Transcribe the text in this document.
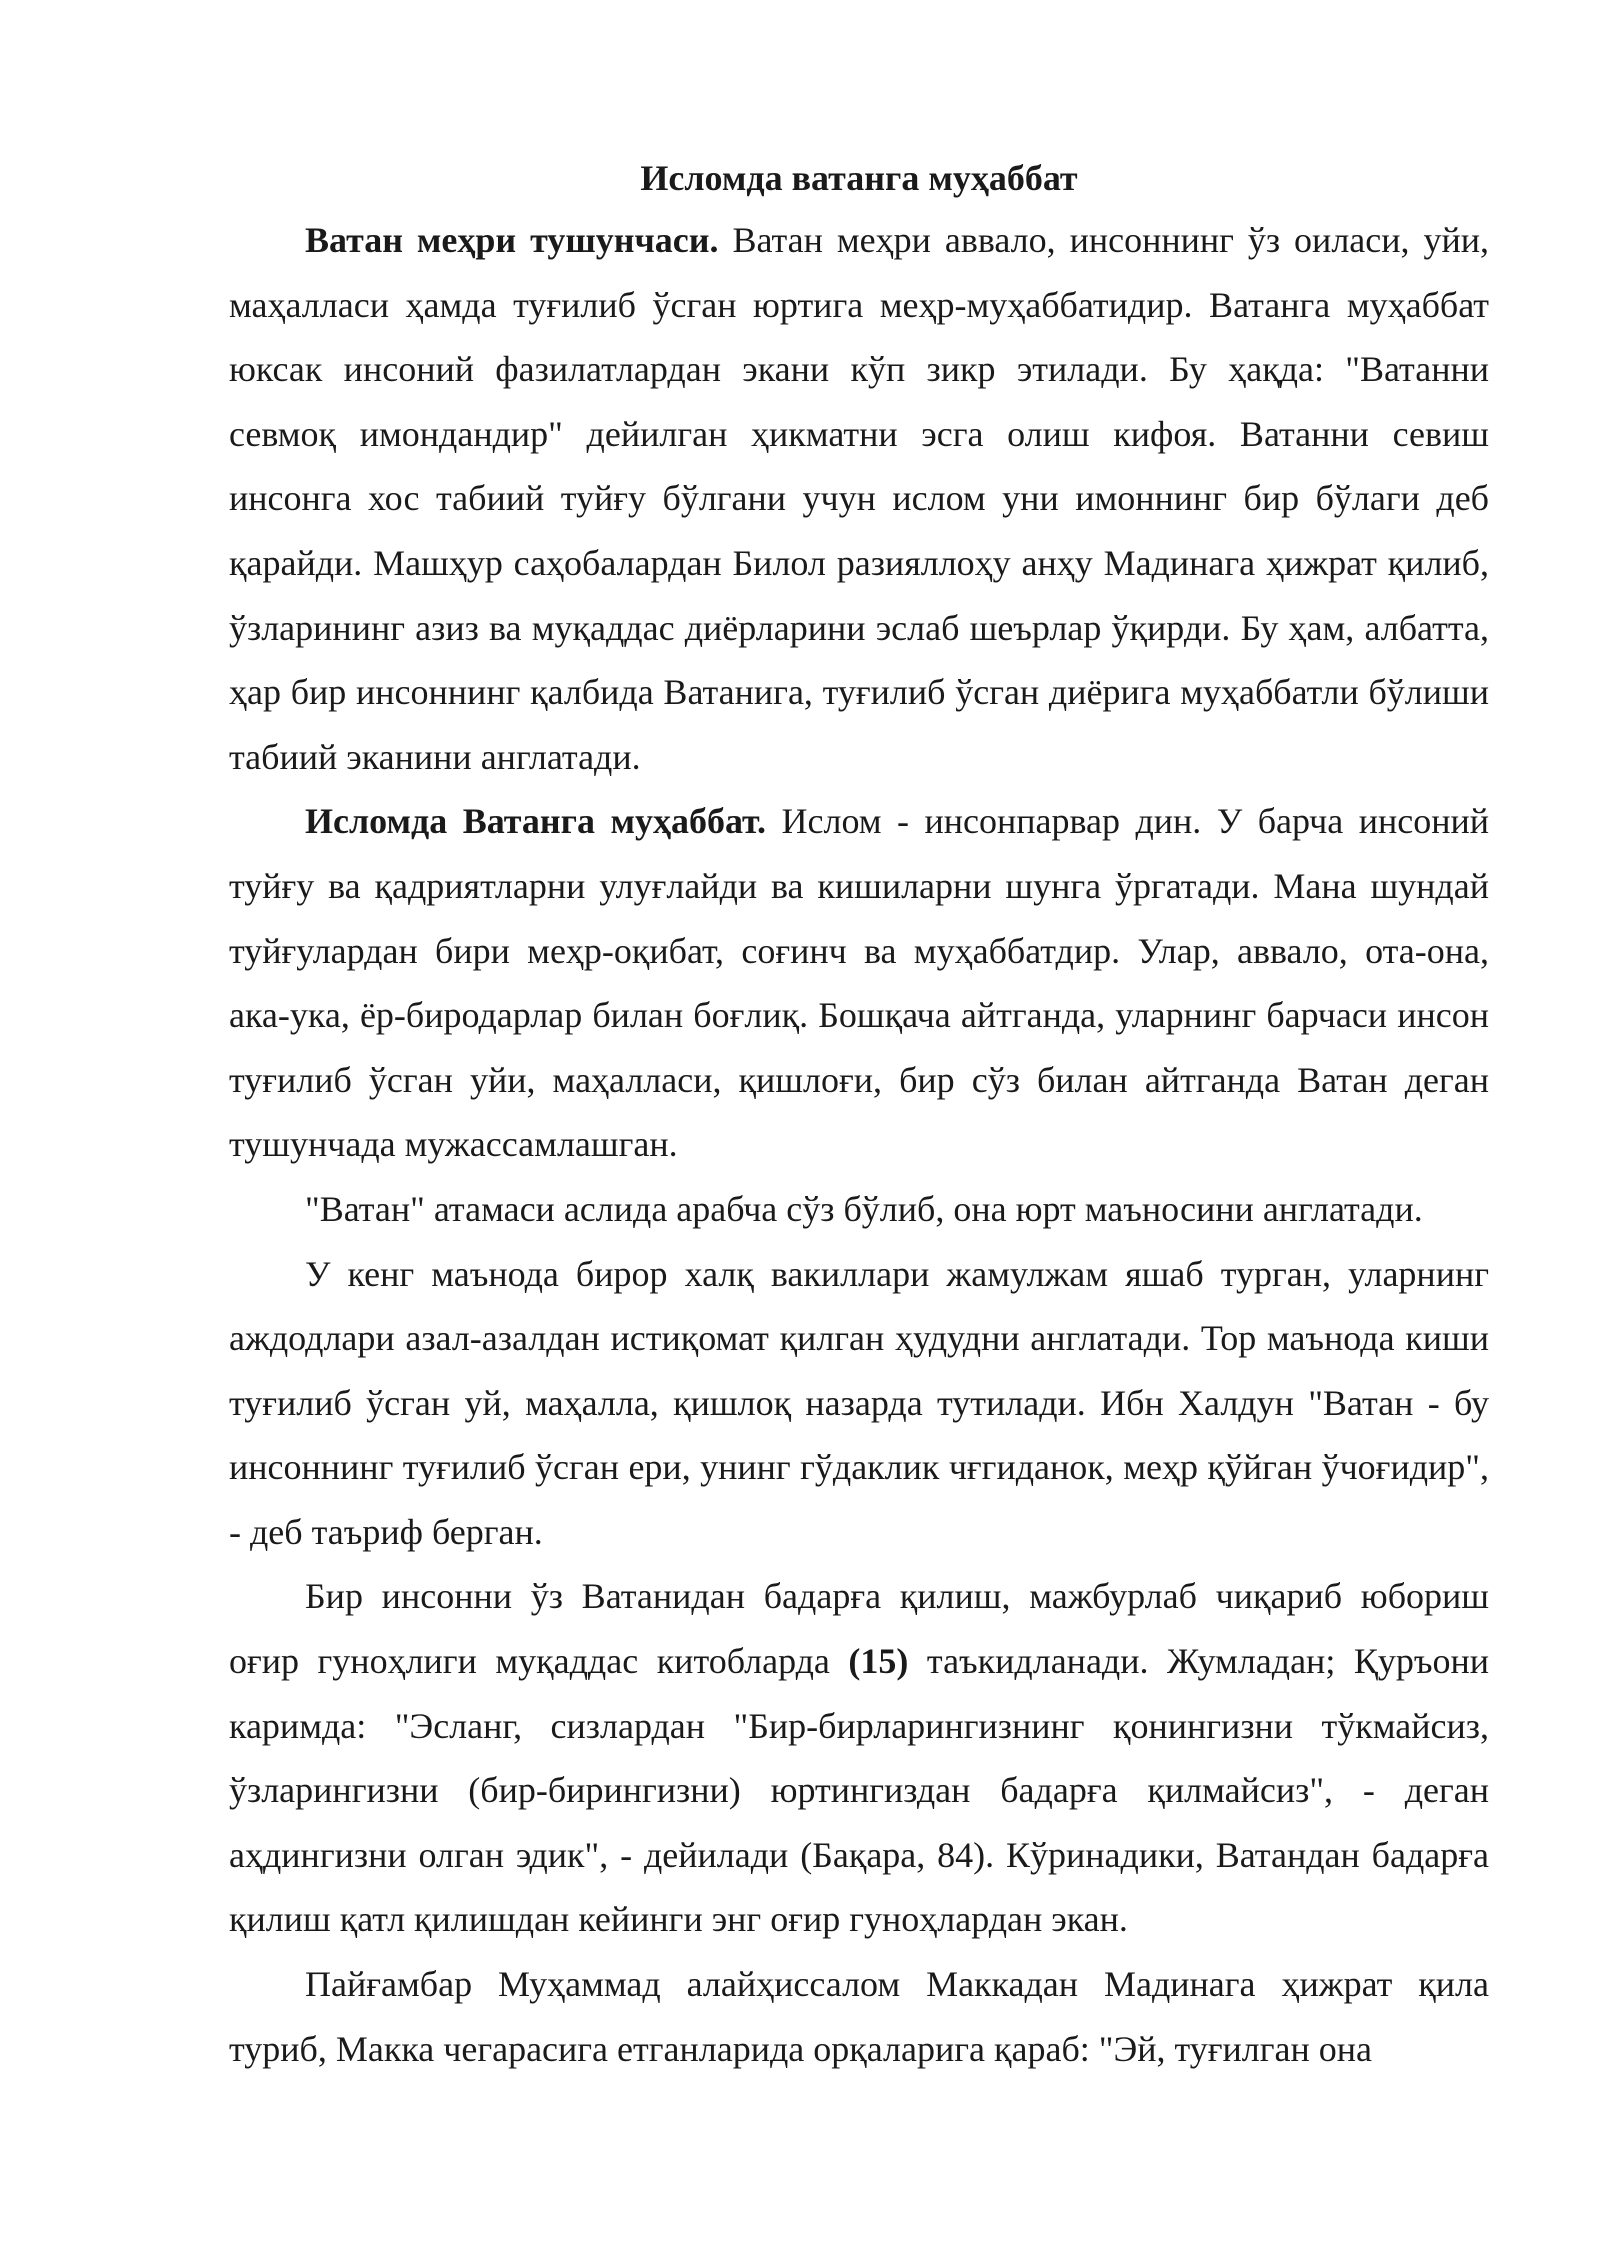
Исломда ватанга муҳаббат

Ватан меҳри тушунчаси. Ватан меҳри аввало, инсоннинг ўз оиласи, уйи, маҳалласи ҳамда туғилиб ўсган юртига меҳр-муҳаббатидир. Ватанга муҳаббат юксак инсоний фазилатлардан экани кўп зикр этилади. Бу ҳақда: "Ватанни севмоқ имондандир" дейилган ҳикматни эсга олиш кифоя. Ватанни севиш инсонга хос табиий туйғу бўлгани учун ислом уни имоннинг бир бўлаги деб қарайди. Машҳур саҳобалардан Билол разияллоҳу анҳу Мадинага ҳижрат қилиб, ўзларининг азиз ва муқаддас диёрларини эслаб шеърлар ўқирди. Бу ҳам, албатта, ҳар бир инсоннинг қалбида Ватанига, туғилиб ўсган диёрига муҳаббатли бўлиши табиий эканини англатади.

Исломда Ватанга муҳаббат. Ислом - инсонпарвар дин. У барча инсоний туйғу ва қадриятларни улуғлайди ва кишиларни шунга ўргатади. Мана шундай туйғулардан бири меҳр-оқибат, соғинч ва муҳаббатдир. Улар, аввало, ота-она, ака-ука, ёр-биродарлар билан боғлиқ. Бошқача айтганда, уларнинг барчаси инсон туғилиб ўсган уйи, маҳалласи, қишлоғи, бир сўз билан айтганда Ватан деган тушунчада мужассамлашган.

"Ватан" атамаси аслида арабча сўз бўлиб, она юрт маъносини англатади.

У кенг маънода бирор халқ вакиллари жамулжам яшаб турган, уларнинг аждодлари азал-азалдан истиқомат қилган ҳудудни англатади. Тор маънода киши туғилиб ўсган уй, маҳалла, қишлоқ назарда тутилади. Ибн Халдун "Ватан - бу инсоннинг туғилиб ўсган ери, унинг гўдаклик чғгиданок, меҳр қўйган ўчоғидир", - деб таъриф берган.

Бир инсонни ўз Ватанидан бадарға қилиш, мажбурлаб чиқариб юбориш оғир гуноҳлиги муқаддас китобларда (15) таъкидланади. Жумладан; Қуръони каримда: "Эсланг, сизлардан "Бир-бирларингизнинг қонингизни тўкмайсиз, ўзларингизни (бир-бирингизни) юртингиздан бадарға қилмайсиз", - деган аҳдингизни олган эдик", - дейилади (Бақара, 84). Кўринадики, Ватандан бадарға қилиш қатл қилишдан кейинги энг оғир гуноҳлардан экан.

Пайғамбар Муҳаммад алайҳиссалом Маккадан Мадинага ҳижрат қила туриб, Макка чегарасига етганларида орқаларига қараб: "Эй, туғилган она
